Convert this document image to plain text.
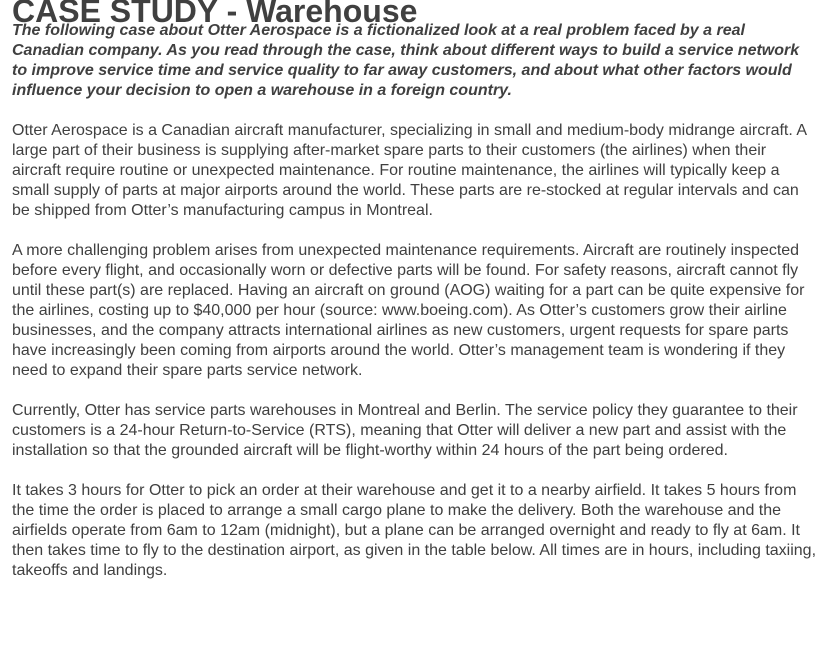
CASE STUDY - Warehouse

The following case about Otter Aerospace is a fictionalized look at a real problem faced by a real Canadian company. As you read through the case, think about different ways to build a service network to improve service time and service quality to far away customers, and about what other factors would influence your decision to open a warehouse in a foreign country.

Otter Aerospace is a Canadian aircraft manufacturer, specializing in small and medium-body midrange aircraft. A large part of their business is supplying after-market spare parts to their customers (the airlines) when their aircraft require routine or unexpected maintenance. For routine maintenance, the airlines will typically keep a small supply of parts at major airports around the world. These parts are re-stocked at regular intervals and can be shipped from Otter’s manufacturing campus in Montreal.

A more challenging problem arises from unexpected maintenance requirements. Aircraft are routinely inspected before every flight, and occasionally worn or defective parts will be found. For safety reasons, aircraft cannot fly until these part(s) are replaced. Having an aircraft on ground (AOG) waiting for a part can be quite expensive for the airlines, costing up to $40,000 per hour (source: www.boeing.com). As Otter’s customers grow their airline businesses, and the company attracts international airlines as new customers, urgent requests for spare parts have increasingly been coming from airports around the world. Otter’s management team is wondering if they need to expand their spare parts service network.

Currently, Otter has service parts warehouses in Montreal and Berlin. The service policy they guarantee to their customers is a 24-hour Return-to-Service (RTS), meaning that Otter will deliver a new part and assist with the installation so that the grounded aircraft will be flight-worthy within 24 hours of the part being ordered.

It takes 3 hours for Otter to pick an order at their warehouse and get it to a nearby airfield. It takes 5 hours from the time the order is placed to arrange a small cargo plane to make the delivery. Both the warehouse and the airfields operate from 6am to 12am (midnight), but a plane can be arranged overnight and ready to fly at 6am. It then takes time to fly to the destination airport, as given in the table below. All times are in hours, including taxiing, takeoffs and landings.
